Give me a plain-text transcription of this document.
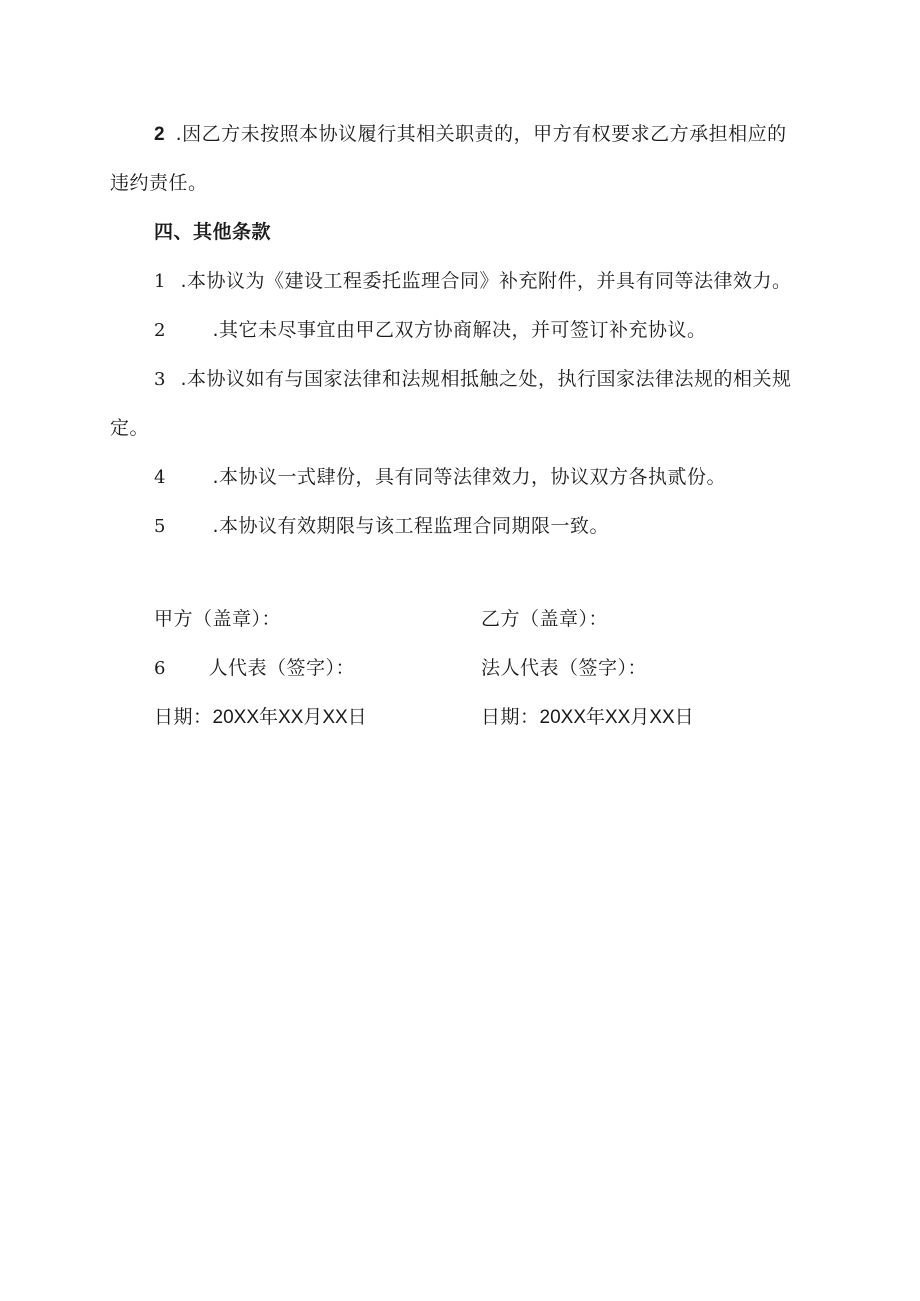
2 .因乙方未按照本协议履行其相关职责的，甲方有权要求乙方承担相应的
违约责任。
四、其他条款
1 .本协议为《建设工程委托监理合同》补充附件，并具有同等法律效力。
2 .其它未尽事宜由甲乙双方协商解决，并可签订补充协议。
3 .本协议如有与国家法律和法规相抵触之处，执行国家法律法规的相关规
定。
4 .本协议一式肆份，具有同等法律效力，协议双方各执贰份。
5 .本协议有效期限与该工程监理合同期限一致。
甲方（盖章）：
6 人代表（签字）：
日期：20XX年XX月XX日
乙方（盖章）：
法人代表（签字）：
日期：20XX年XX月XX日
